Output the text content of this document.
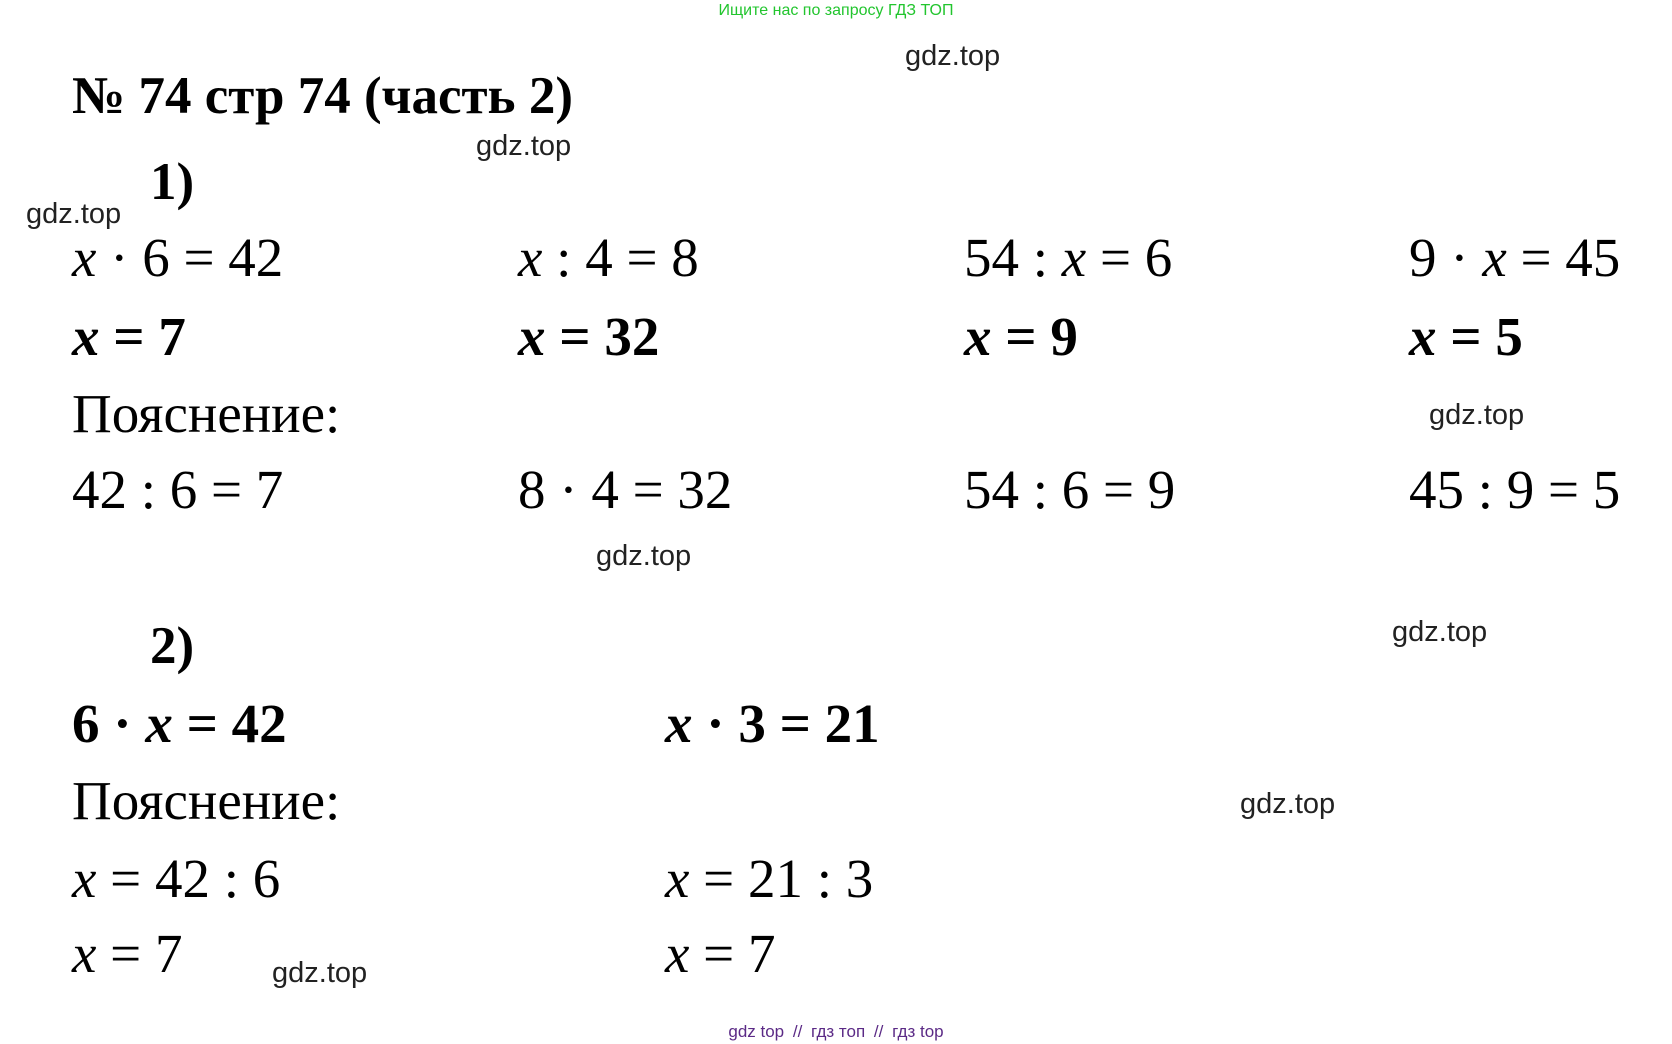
Ищите нас по запросу ГДЗ ТОП
gdz.top
gdz.top
gdz.top
gdz.top
gdz.top
gdz.top
gdz.top
gdz.top
№ 74 стр 74 (часть 2)
1)
x · 6 = 42	x : 4 = 8	54 : x = 6	9 · x = 45
x = 7	x = 32	x = 9	x = 5
Пояснение:
42 : 6 = 7	8 · 4 = 32	54 : 6 = 9	45 : 9 = 5
2)
6 · x = 42	x · 3 = 21
Пояснение:
x = 42 : 6	x = 21 : 3
x = 7	x = 7
gdz top // гдз топ // гдз top
